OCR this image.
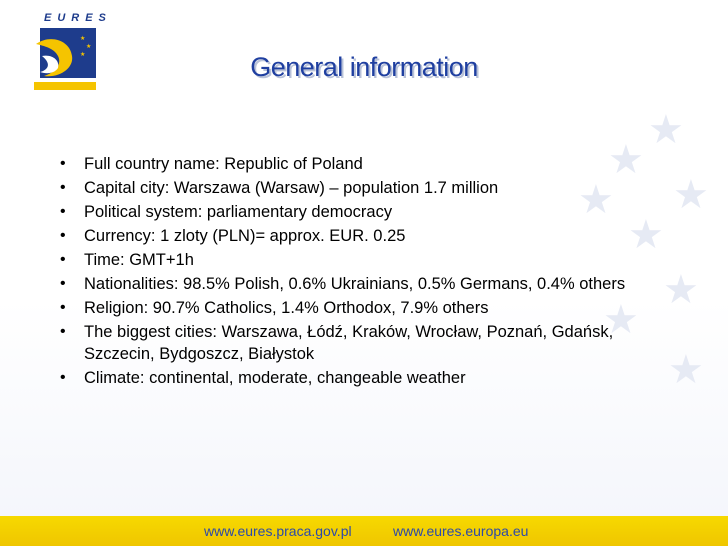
★
★
★
★
★
★
★
★
EURES
★
★
★	General information
• Full country name: Republic of Poland
• Capital city: Warszawa (Warsaw) – population 1.7 million
• Political system: parliamentary democracy
• Currency: 1 zloty (PLN)= approx. EUR. 0.25
• Time: GMT+1h
• Nationalities: 98.5% Polish, 0.6% Ukrainians, 0.5% Germans, 0.4% others
• Religion: 90.7% Catholics, 1.4% Orthodox, 7.9% others
• The biggest cities: Warszawa, Łódź, Kraków, Wrocław, Poznań, Gdańsk, Szczecin, Bydgoszcz, Białystok
• Climate: continental, moderate, changeable weather
www.eures.praca.gov.pl	www.eures.europa.eu
